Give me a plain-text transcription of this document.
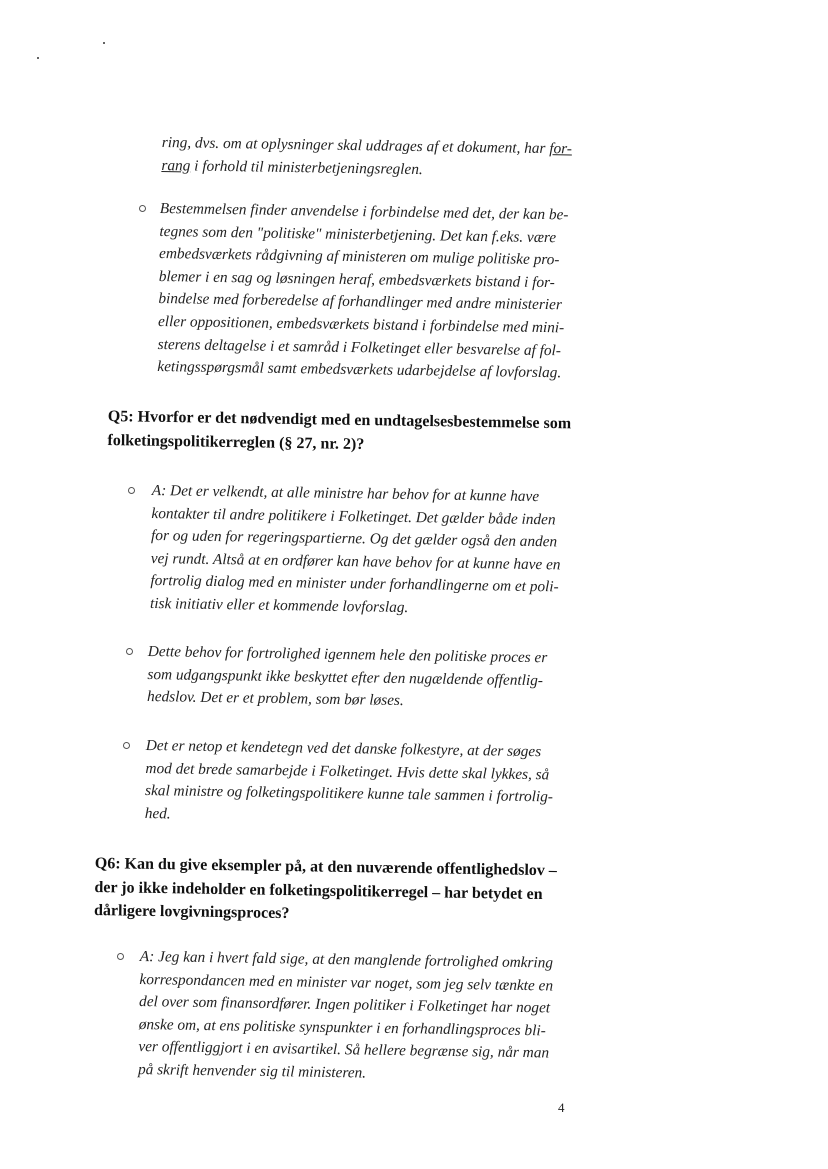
ring, dvs. om at oplysninger skal uddrages af et dokument, har for-
rang i forhold til ministerbetjeningsreglen.
Bestemmelsen finder anvendelse i forbindelse med det, der kan be-
tegnes som den "politiske" ministerbetjening. Det kan f.eks. være
embedsværkets rådgivning af ministeren om mulige politiske pro-
blemer i en sag og løsningen heraf, embedsværkets bistand i for-
bindelse med forberedelse af forhandlinger med andre ministerier
eller oppositionen, embedsværkets bistand i forbindelse med mini-
sterens deltagelse i et samråd i Folketinget eller besvarelse af fol-
ketingsspørgsmål samt embedsværkets udarbejdelse af lovforslag.
Q5: Hvorfor er det nødvendigt med en undtagelsesbestemmelse som
folketingspolitikerreglen (§ 27, nr. 2)?
A: Det er velkendt, at alle ministre har behov for at kunne have
kontakter til andre politikere i Folketinget. Det gælder både inden
for og uden for regeringspartierne. Og det gælder også den anden
vej rundt. Altså at en ordfører kan have behov for at kunne have en
fortrolig dialog med en minister under forhandlingerne om et poli-
tisk initiativ eller et kommende lovforslag.
Dette behov for fortrolighed igennem hele den politiske proces er
som udgangspunkt ikke beskyttet efter den nugældende offentlig-
hedslov. Det er et problem, som bør løses.
Det er netop et kendetegn ved det danske folkestyre, at der søges
mod det brede samarbejde i Folketinget. Hvis dette skal lykkes, så
skal ministre og folketingspolitikere kunne tale sammen i fortrolig-
hed.
Q6: Kan du give eksempler på, at den nuværende offentlighedslov –
der jo ikke indeholder en folketingspolitikerregel – har betydet en
dårligere lovgivningsproces?
A: Jeg kan i hvert fald sige, at den manglende fortrolighed omkring
korrespondancen med en minister var noget, som jeg selv tænkte en
del over som finansordfører. Ingen politiker i Folketinget har noget
ønske om, at ens politiske synspunkter i en forhandlingsproces bli-
ver offentliggjort i en avisartikel. Så hellere begrænse sig, når man
på skrift henvender sig til ministeren.
4
